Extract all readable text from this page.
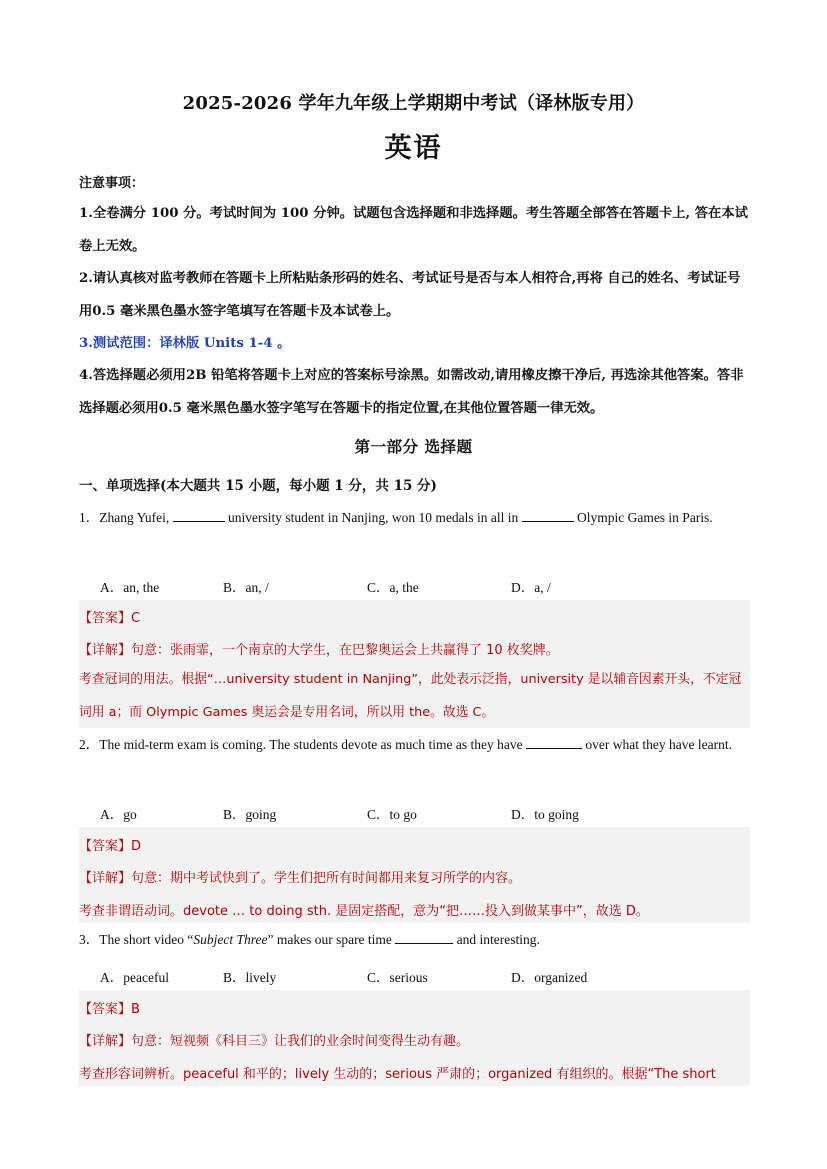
2025-2026 学年九年级上学期期中考试（译林版专用）
英语
注意事项：
1.全卷满分 100 分。考试时间为 100 分钟。试题包含选择题和非选择题。考生答题全部答在答题卡上, 答在本试卷上无效。
2.请认真核对监考教师在答题卡上所粘贴条形码的姓名、考试证号是否与本人相符合,再将 自己的姓名、考试证号用0.5 毫米黑色墨水签字笔填写在答题卡及本试卷上。
3.测试范围：译林版 Units 1-4 。
4.答选择题必须用2B 铅笔将答题卡上对应的答案标号涂黑。如需改动,请用橡皮擦干净后, 再选涂其他答案。答非选择题必须用0.5 毫米黑色墨水签字笔写在答题卡的指定位置,在其他位置答题一律无效。
第一部分 选择题
一、单项选择(本大题共 15 小题，每小题 1 分，共 15 分)
1．Zhang Yufei,	university student in Nanjing, won 10 medals in all in	Olympic Games in Paris.
A．an, the	B．an, /	C．a, the	D．a, /
【答案】C
【详解】句意：张雨霏，一个南京的大学生，在巴黎奥运会上共赢得了 10 枚奖牌。
考查冠词的用法。根据“…university student in Nanjing”，此处表示泛指，university 是以辅音因素开头，不定冠词用 a；而 Olympic Games 奥运会是专用名词，所以用 the。故选 C。
2．The mid-term exam is coming. The students devote as much time as they have	over what they have learnt.
A．go	B．going	C．to go	D．to going
【答案】D
【详解】句意：期中考试快到了。学生们把所有时间都用来复习所学的内容。
考查非谓语动词。devote … to doing sth. 是固定搭配，意为“把……投入到做某事中”，故选 D。
3．The short video “Subject Three” makes our spare time	and interesting.
A．peaceful	B．lively	C．serious	D．organized
【答案】B
【详解】句意：短视频《科目三》让我们的业余时间变得生动有趣。
考查形容词辨析。peaceful 和平的；lively 生动的；serious 严肃的；organized 有组织的。根据“The short
